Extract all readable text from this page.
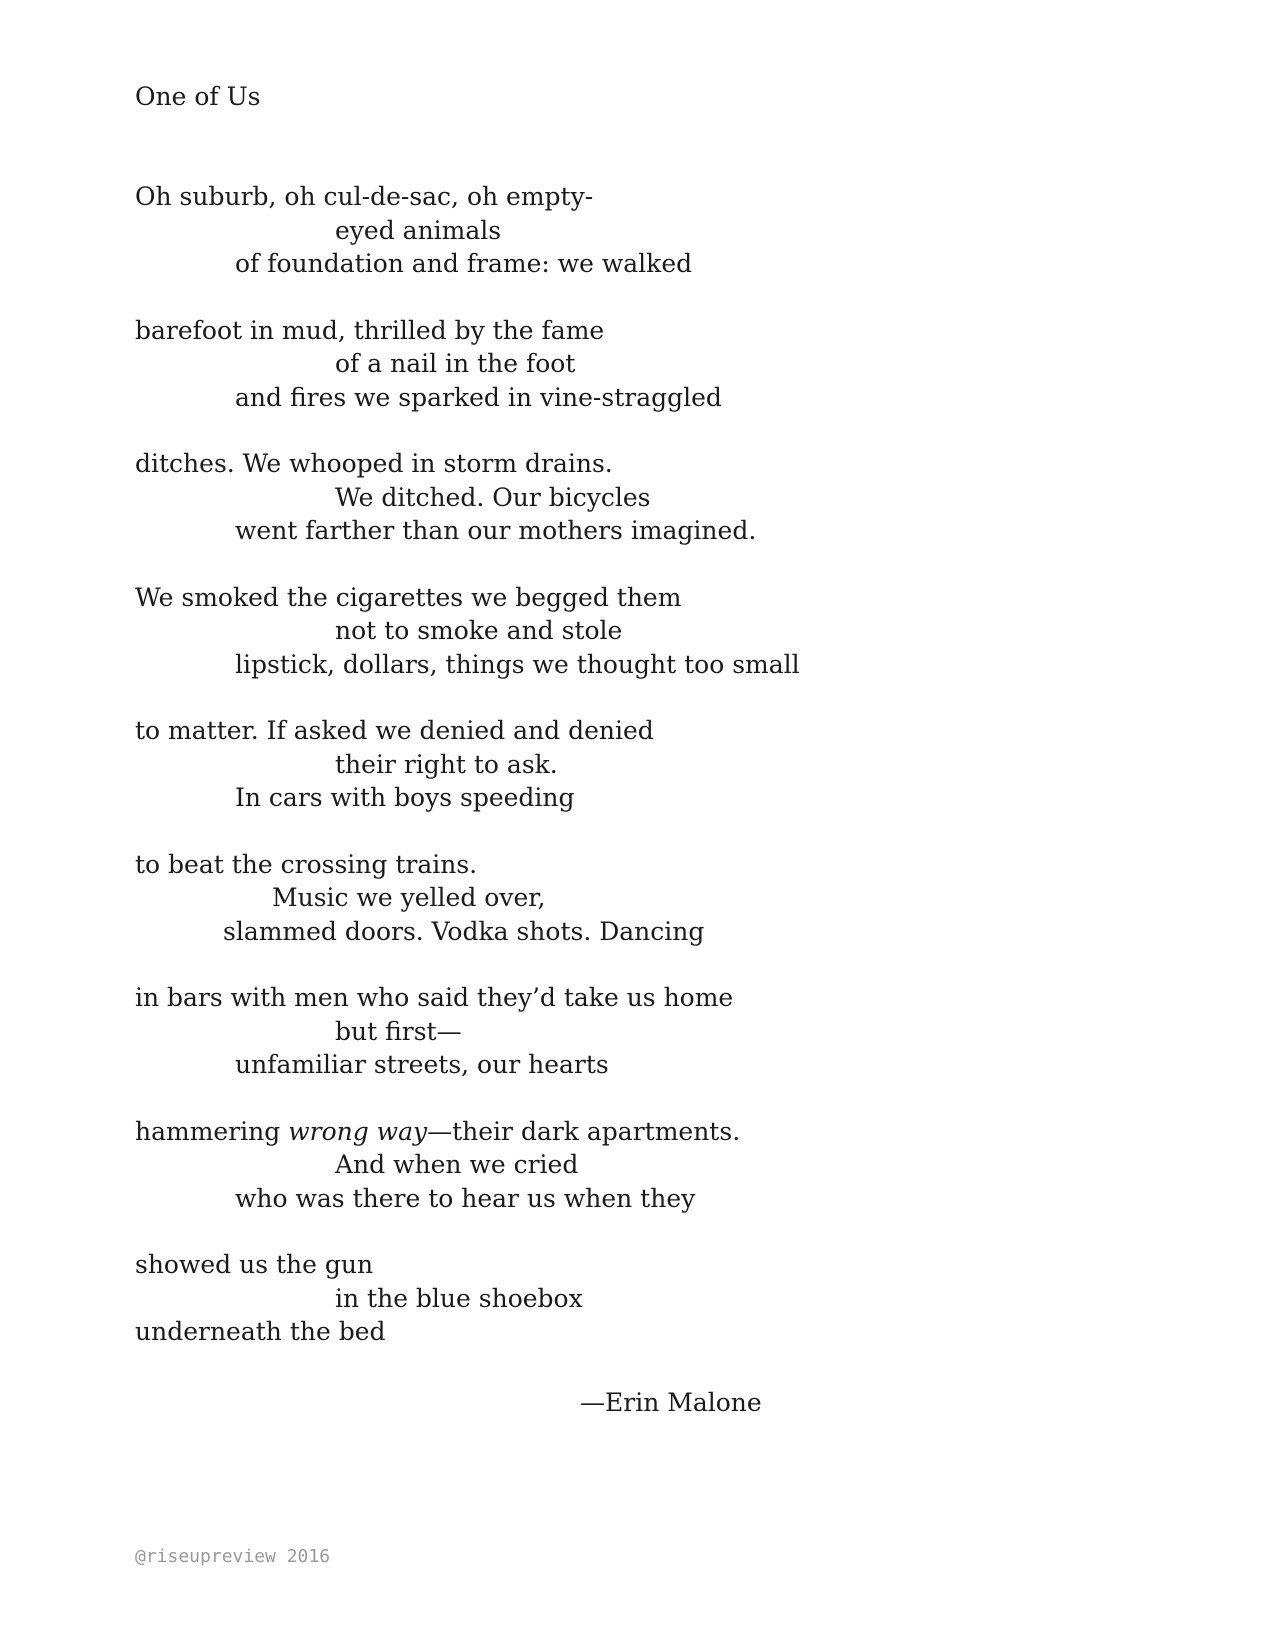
One of Us
Oh suburb, oh cul-de-sac, oh empty-
eyed animals
of foundation and frame: we walked
barefoot in mud, thrilled by the fame
of a nail in the foot
and fires we sparked in vine-straggled
ditches. We whooped in storm drains.
We ditched. Our bicycles
went farther than our mothers imagined.
We smoked the cigarettes we begged them
not to smoke and stole
lipstick, dollars, things we thought too small
to matter. If asked we denied and denied
their right to ask.
In cars with boys speeding
to beat the crossing trains.
Music we yelled over,
slammed doors. Vodka shots. Dancing
in bars with men who said they’d take us home
but first—
unfamiliar streets, our hearts
hammering wrong way—their dark apartments.
And when we cried
who was there to hear us when they
showed us the gun
in the blue shoebox
underneath the bed
—Erin Malone
@riseupreview 2016
